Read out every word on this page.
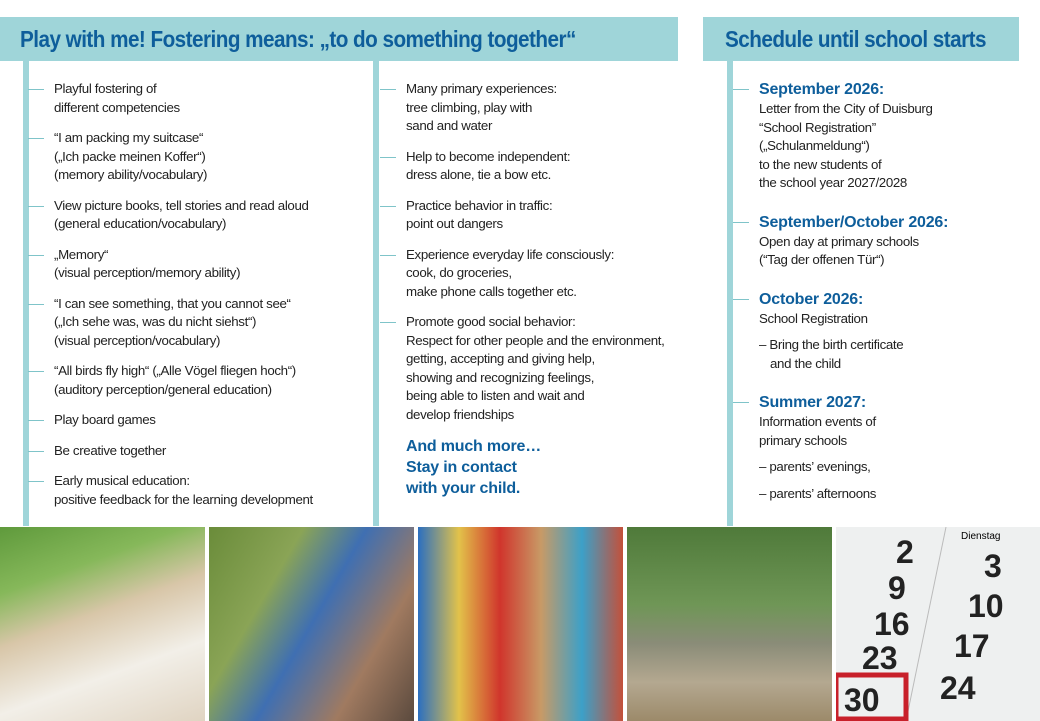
Play with me! Fostering means: „to do something together“	Schedule until school starts
Playful fostering of
different competencies
“I am packing my suitcase“
(„Ich packe meinen Koffer“)
(memory ability/vocabulary)
View picture books, tell stories and read aloud
(general education/vocabulary)
„Memory“
(visual perception/memory ability)
“I can see something, that you cannot see“
(„Ich sehe was, was du nicht siehst“)
(visual perception/vocabulary)
“All birds fly high“ („Alle Vögel fliegen hoch“)
(auditory perception/general education)
Play board games
Be creative together
Early musical education:
positive feedback for the learning development
Many primary experiences:
tree climbing, play with
sand and water
Help to become independent:
dress alone, tie a bow etc.
Practice behavior in traffic:
point out dangers
Experience everyday life consciously:
cook, do groceries,
make phone calls together etc.
Promote good social behavior:
Respect for other people and the environment,
getting, accepting and giving help,
showing and recognizing feelings,
being able to listen and wait and
develop friendships
And much more…
Stay in contact
with your child.
September 2026:
Letter from the City of Duisburg
“School Registration”
(„Schulanmeldung“)
to the new students of
the school year 2027/2028
September/October 2026:
Open day at primary schools
(“Tag der offenen Tür“)
October 2026:
School Registration
– Bring the birth certificate
and the child
Summer 2027:
Information events of
primary schools
– parents’ evenings,
– parents’ afternoons
Dienstag
2
9
16
23
30
3
10
17
24
